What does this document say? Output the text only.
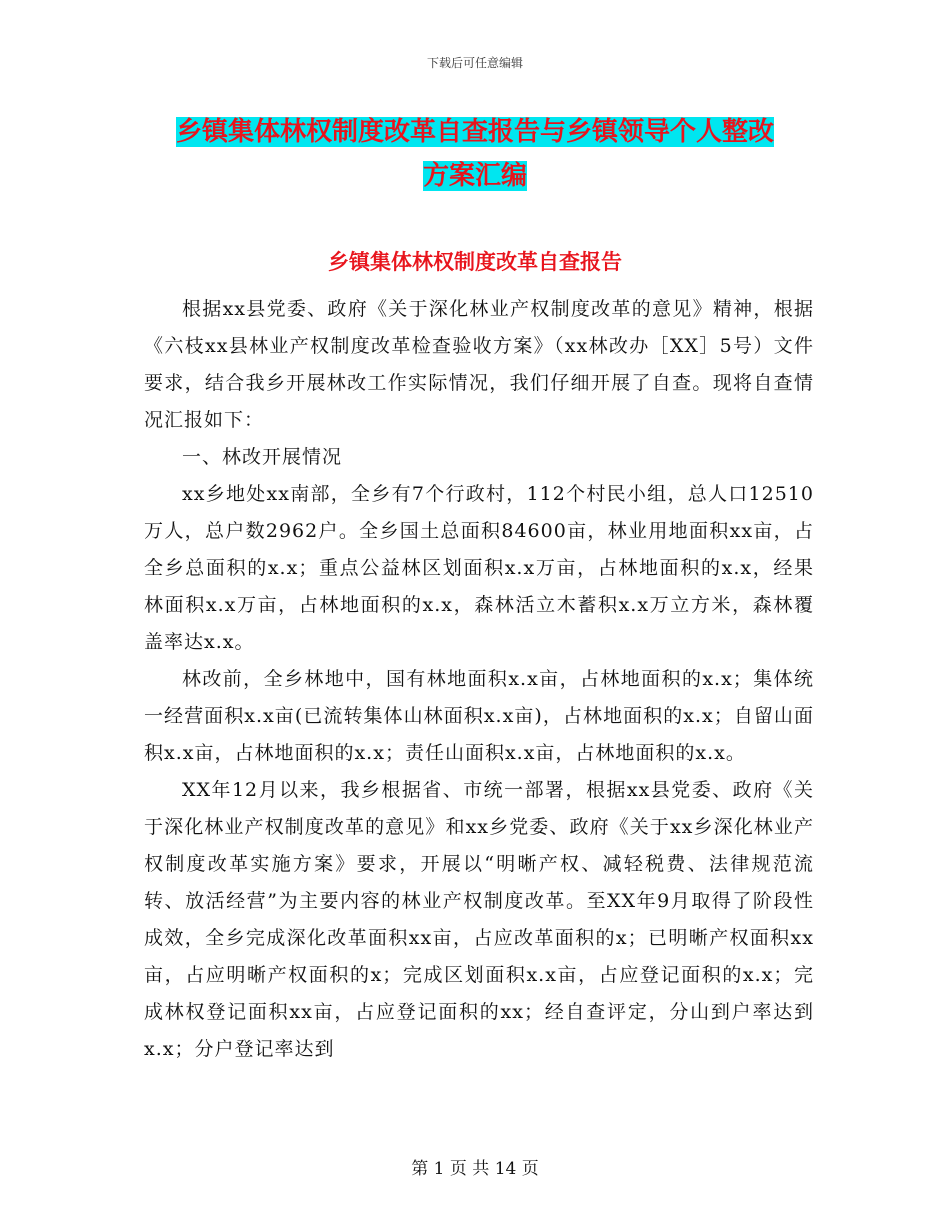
下载后可任意编辑
乡镇集体林权制度改革自查报告与乡镇领导个人整改
方案汇编
乡镇集体林权制度改革自查报告

根据xx县党委、政府《关于深化林业产权制度改革的意见》精神，根据《六枝xx县林业产权制度改革检查验收方案》（xx林改办［XX］5号）文件要求，结合我乡开展林改工作实际情况，我们仔细开展了自查。现将自查情况汇报如下：

一、林改开展情况

xx乡地处xx南部，全乡有7个行政村，112个村民小组，总人口12510万人，总户数2962户。全乡国土总面积84600亩，林业用地面积xx亩，占全乡总面积的x.x；重点公益林区划面积x.x万亩，占林地面积的x.x，经果林面积x.x万亩，占林地面积的x.x，森林活立木蓄积x.x万立方米，森林覆盖率达x.x。

林改前，全乡林地中，国有林地面积x.x亩，占林地面积的x.x；集体统一经营面积x.x亩(已流转集体山林面积x.x亩)，占林地面积的x.x；自留山面积x.x亩，占林地面积的x.x；责任山面积x.x亩，占林地面积的x.x。

XX年12月以来，我乡根据省、市统一部署，根据xx县党委、政府《关于深化林业产权制度改革的意见》和xx乡党委、政府《关于xx乡深化林业产权制度改革实施方案》要求，开展以“明晰产权、减轻税费、法律规范流转、放活经营”为主要内容的林业产权制度改革。至XX年9月取得了阶段性成效，全乡完成深化改革面积xx亩，占应改革面积的x；已明晰产权面积xx亩，占应明晰产权面积的x；完成区划面积x.x亩，占应登记面积的x.x；完成林权登记面积xx亩，占应登记面积的xx；经自查评定，分山到户率达到x.x；分户登记率达到

第 1 页 共 14 页
